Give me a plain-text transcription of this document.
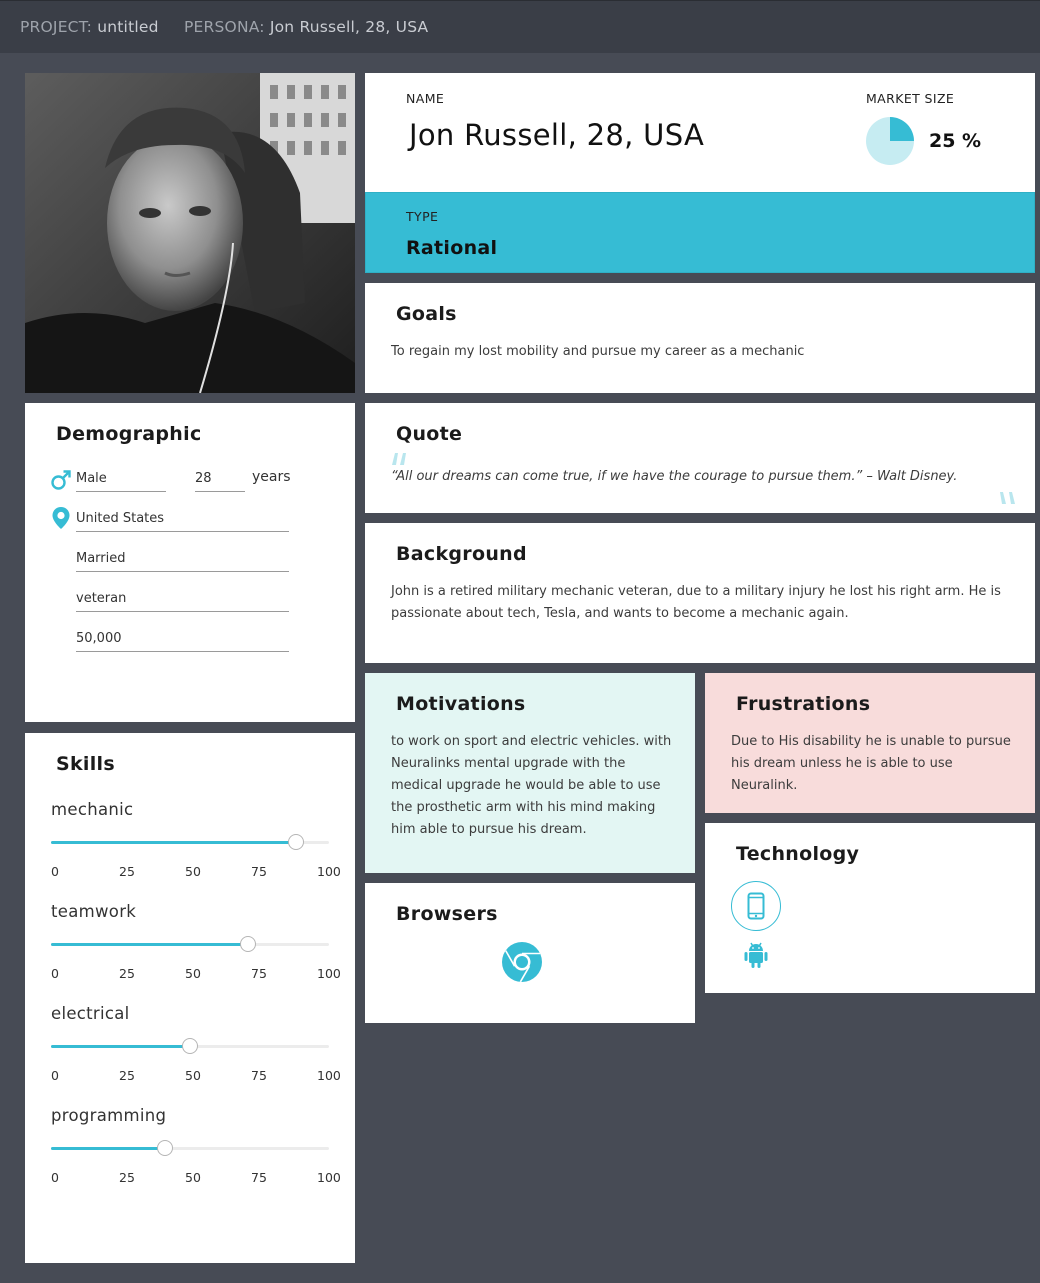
PROJECT: untitled PERSONA: Jon Russell, 28, USA
NAME
Jon Russell, 28, USA
MARKET SIZE
25 %
TYPE
Rational
Goals
To regain my lost mobility and pursue my career as a mechanic
Demographic
Male	28	years
United States
Married
veteran
50,000
Skills
mechanic
0	25	50	75	100
teamwork
0	25	50	75	100
electrical
0	25	50	75	100
programming
0	25	50	75	100
Quote
“All our dreams can come true, if we have the courage to pursue them.” – Walt Disney.
Background
John is a retired military mechanic veteran, due to a military injury he lost his right arm. He is
passionate about tech, Tesla, and wants to become a mechanic again.
Motivations
to work on sport and electric vehicles. with
Neuralinks mental upgrade with the
medical upgrade he would be able to use
the prosthetic arm with his mind making
him able to pursue his dream.
Frustrations
Due to His disability he is unable to pursue
his dream unless he is able to use
Neuralink.
Technology
Browsers
